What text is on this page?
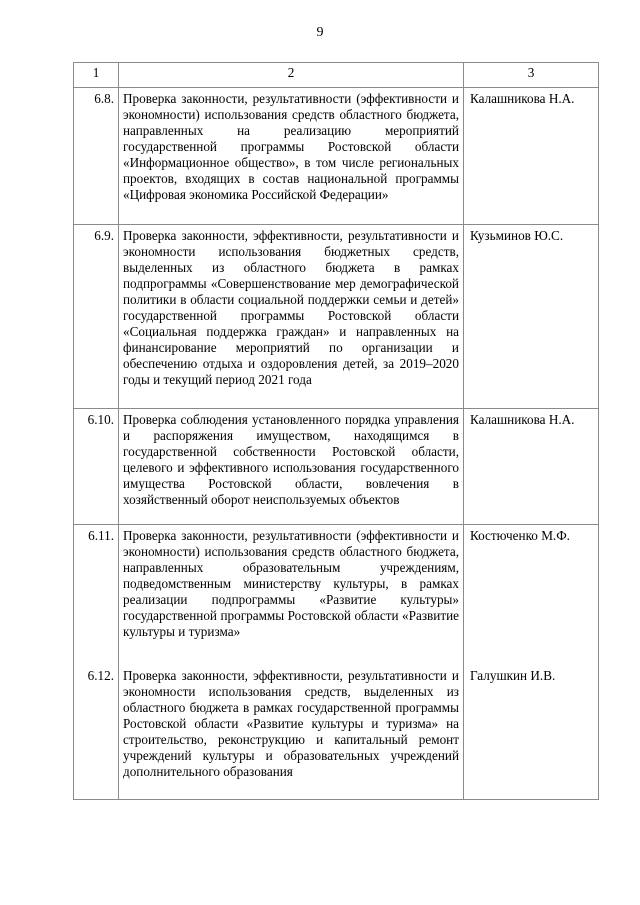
9
1	2	3
6.8.	Проверка законности, результативности (эффективности и экономности) использования средств областного бюджета, направленных на реализацию мероприятий государственной программы Ростовской области «Информационное общество», в том числе региональных проектов, входящих в состав национальной программы «Цифровая экономика Российской Федерации»	Калашникова Н.А.
6.9.	Проверка законности, эффективности, результативности и экономности использования бюджетных средств, выделенных из областного бюджета в рамках подпрограммы «Совершенствование мер демографической политики в области социальной поддержки семьи и детей» государственной программы Ростовской области «Социальная поддержка граждан» и направленных на финансирование мероприятий по организации и обеспечению отдыха и оздоровления детей, за 2019–2020 годы и текущий период 2021 года	Кузьминов Ю.С.
6.10.	Проверка соблюдения установленного порядка управления и распоряжения имуществом, находящимся в государственной собственности Ростовской области, целевого и эффективного использования государственного имущества Ростовской области, вовлечения в хозяйственный оборот неиспользуемых объектов	Калашникова Н.А.
6.11.	Проверка законности, результативности (эффективности и экономности) использования средств областного бюджета, направленных образовательным учреждениям, подведомственным министерству культуры, в рамках реализации подпрограммы «Развитие культуры» государственной программы Ростовской области «Развитие культуры и туризма»	Костюченко М.Ф.
6.12.	Проверка законности, эффективности, результативности и экономности использования средств, выделенных из областного бюджета в рамках государственной программы Ростовской области «Развитие культуры и туризма» на строительство, реконструкцию и капитальный ремонт учреждений культуры и образовательных учреждений дополнительного образования	Галушкин И.В.
